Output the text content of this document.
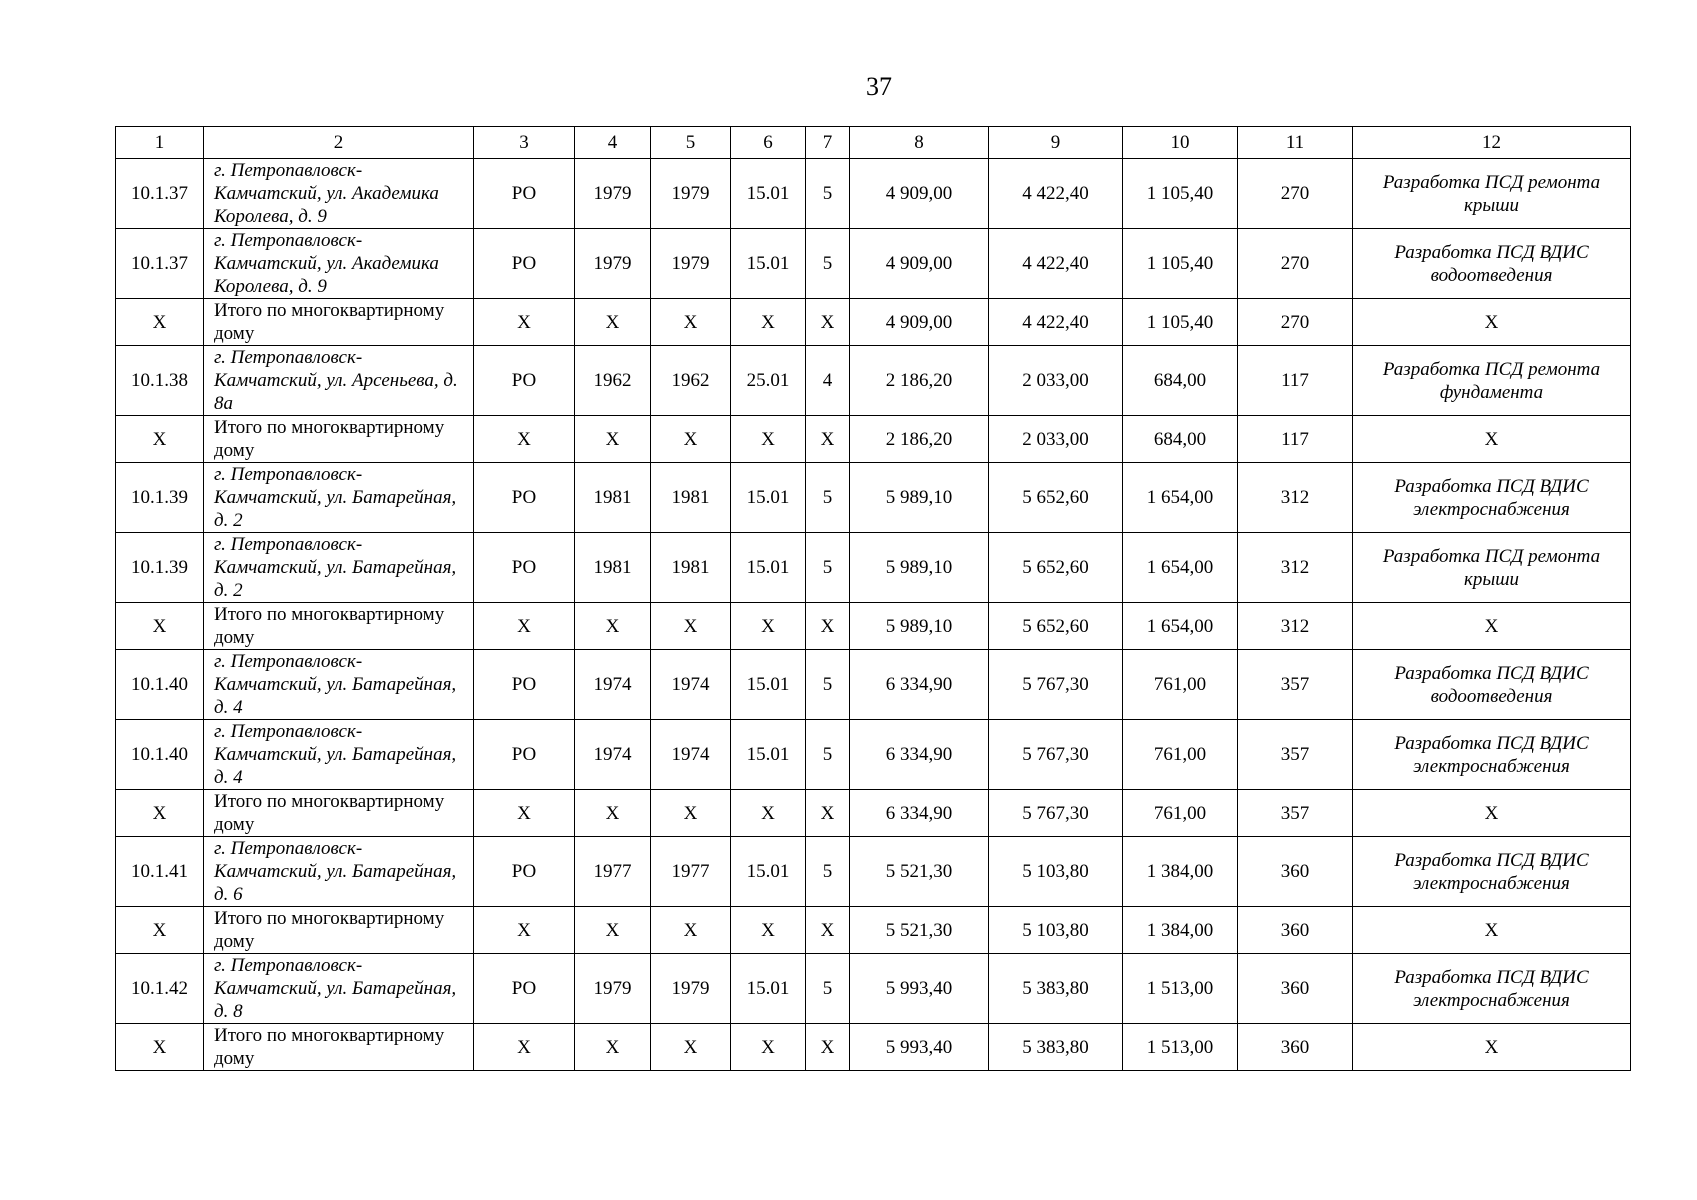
37
1	2	3	4	5	6	7	8	9	10	11	12
10.1.37	г. Петропавловск-Камчатский, ул. Академика Королева, д. 9	РО	1979	1979	15.01	5	4 909,00	4 422,40	1 105,40	270	Разработка ПСД ремонта крыши
10.1.37	г. Петропавловск-Камчатский, ул. Академика Королева, д. 9	РО	1979	1979	15.01	5	4 909,00	4 422,40	1 105,40	270	Разработка ПСД ВДИС водоотведения
Х	Итого по многоквартирному дому	Х	Х	Х	Х	Х	4 909,00	4 422,40	1 105,40	270	Х
10.1.38	г. Петропавловск-Камчатский, ул. Арсеньева, д. 8а	РО	1962	1962	25.01	4	2 186,20	2 033,00	684,00	117	Разработка ПСД ремонта фундамента
Х	Итого по многоквартирному дому	Х	Х	Х	Х	Х	2 186,20	2 033,00	684,00	117	Х
10.1.39	г. Петропавловск-Камчатский, ул. Батарейная, д. 2	РО	1981	1981	15.01	5	5 989,10	5 652,60	1 654,00	312	Разработка ПСД ВДИС электроснабжения
10.1.39	г. Петропавловск-Камчатский, ул. Батарейная, д. 2	РО	1981	1981	15.01	5	5 989,10	5 652,60	1 654,00	312	Разработка ПСД ремонта крыши
Х	Итого по многоквартирному дому	Х	Х	Х	Х	Х	5 989,10	5 652,60	1 654,00	312	Х
10.1.40	г. Петропавловск-Камчатский, ул. Батарейная, д. 4	РО	1974	1974	15.01	5	6 334,90	5 767,30	761,00	357	Разработка ПСД ВДИС водоотведения
10.1.40	г. Петропавловск-Камчатский, ул. Батарейная, д. 4	РО	1974	1974	15.01	5	6 334,90	5 767,30	761,00	357	Разработка ПСД ВДИС электроснабжения
Х	Итого по многоквартирному дому	Х	Х	Х	Х	Х	6 334,90	5 767,30	761,00	357	Х
10.1.41	г. Петропавловск-Камчатский, ул. Батарейная, д. 6	РО	1977	1977	15.01	5	5 521,30	5 103,80	1 384,00	360	Разработка ПСД ВДИС электроснабжения
Х	Итого по многоквартирному дому	Х	Х	Х	Х	Х	5 521,30	5 103,80	1 384,00	360	Х
10.1.42	г. Петропавловск-Камчатский, ул. Батарейная, д. 8	РО	1979	1979	15.01	5	5 993,40	5 383,80	1 513,00	360	Разработка ПСД ВДИС электроснабжения
Х	Итого по многоквартирному дому	Х	Х	Х	Х	Х	5 993,40	5 383,80	1 513,00	360	Х
